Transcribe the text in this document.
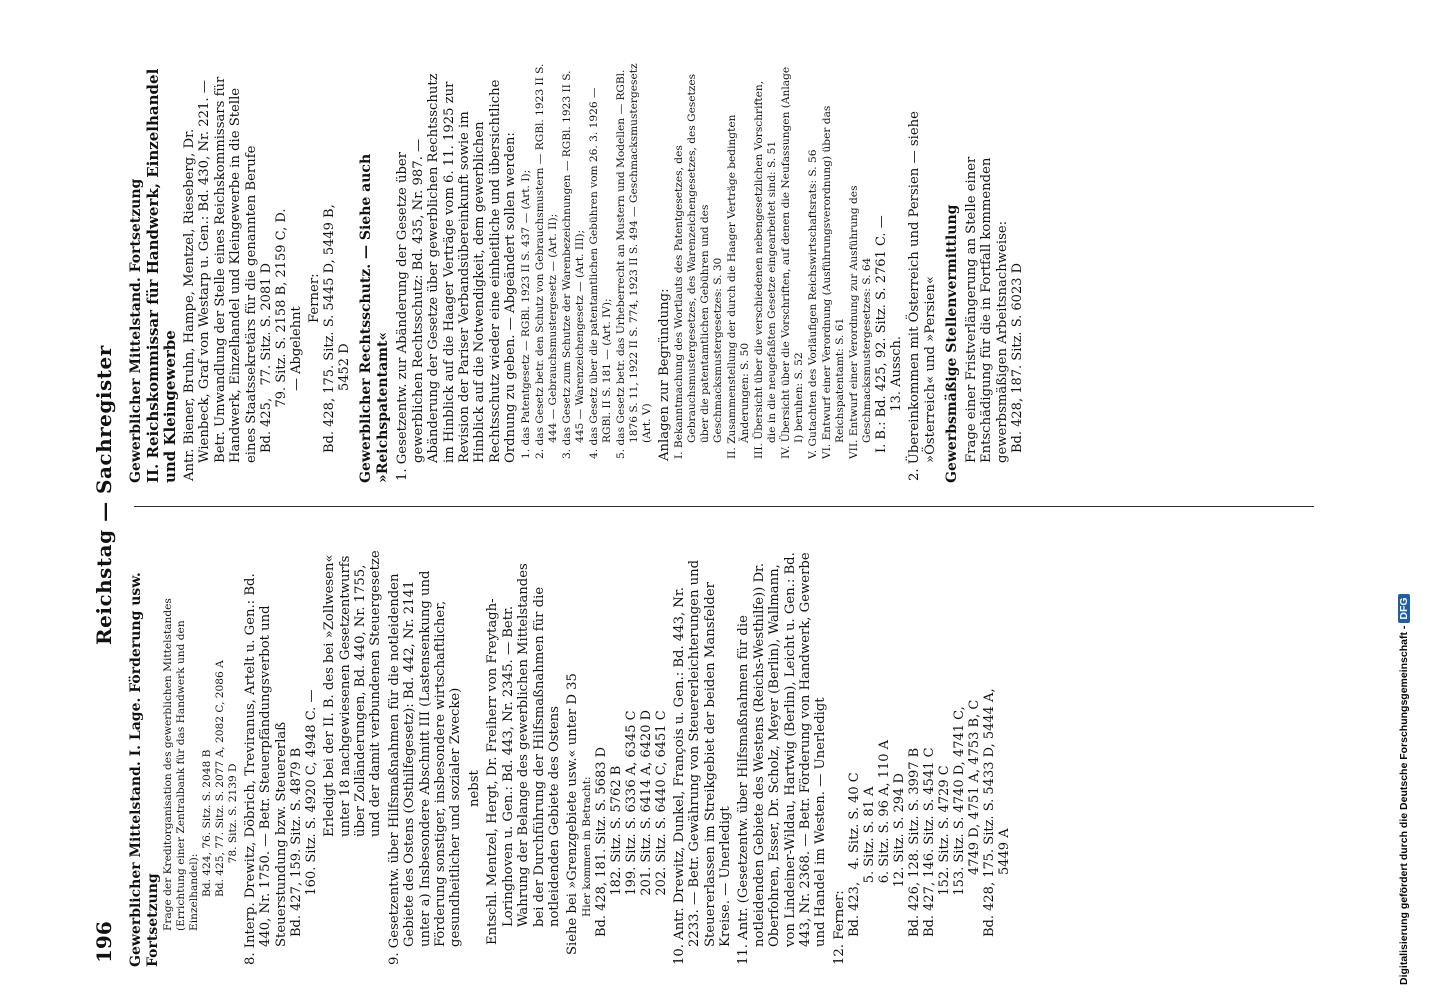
196
Reichstag — Sachregister
Gewerblicher Mittelstand. I. Lage. Förderung usw. Fortsetzung Frage der Kreditorganisation des gewerblichen Mittelstandes (Errichtung einer Zentralbank für das Handwerk und den Einzelhandel): Bd. 424, 76. Sitz. S. 2048 B
Bd. 425, 77. Sitz. S. 2077 A, 2082 C, 2086 A
78. Sitz. S. 2139 D 8. Interp. Drewitz, Döbrich, Treviranus, Artelt u. Gen.: Bd. 440, Nr. 1750. — Betr. Steuerpfändungsverbot und Steuerstundung bzw. Steuererlaß Bd. 427, 159. Sitz. S. 4879 B
160. Sitz. S. 4920 C, 4948 C. — Erledigt bei der II. B. des bei »Zollwesen« unter 18 nachgewiesenen Gesetzentwurfs über Zolländerungen, Bd. 440, Nr. 1755, und der damit verbundenen Steuergesetze 9. Gesetzentw. über Hilfsmaßnahmen für die notleidenden Gebiete des Ostens (Osthilfegesetz): Bd. 442, Nr. 2141 unter a) Insbesondere Abschnitt III (Lastensenkung und Förderung sonstiger, insbesondere wirtschaftlicher, gesundheitlicher und sozialer Zwecke) nebst Entschl. Mentzel, Hergt, Dr. Freiherr von Freytagh-Loringhoven u. Gen.: Bd. 443, Nr. 2345. — Betr. Wahrung der Belange des gewerblichen Mittelstandes bei der Durchführung der Hilfsmaßnahmen für die notleidenden Gebiete des Ostens Siehe bei »Grenzgebiete usw.« unter D 35 Hier kommen in Betracht:
Bd. 428, 181. Sitz. S. 5683 D
182. Sitz. S. 5762 B
199. Sitz. S. 6336 A, 6345 C
201. Sitz. S. 6414 A, 6420 D
202. Sitz. S. 6440 C, 6451 C 10. Antr. Drewitz, Dunkel, François u. Gen.: Bd. 443, Nr. 2233. — Betr. Gewährung von Steuererleichterungen und Steuererlassen im Streikgebiet der beiden Mansfelder Kreise. — Unerledigt 11. Antr. (Gesetzentw. über Hilfsmaßnahmen für die notleidenden Gebiete des Westens (Reichs-Westhilfe)) Dr. Oberfohren, Esser, Dr. Scholz, Meyer (Berlin), Wallmann, von Lindeiner-Wildau, Hartwig (Berlin), Leicht u. Gen.: Bd. 443, Nr. 2368. — Betr. Förderung von Handwerk, Gewerbe und Handel im Westen. — Unerledigt 12. Ferner: Bd. 423,   4. Sitz. S. 40 C
5. Sitz. S. 81 A
6. Sitz. S. 96 A, 110 A
12. Sitz. S. 294 D
Bd. 426, 128. Sitz. S. 3997 B
Bd. 427, 146. Sitz. S. 4541 C
152. Sitz. S. 4729 C
153. Sitz. S. 4740 D, 4741 C,
4749 D, 4751 A, 4753 B, C
Bd. 428, 175. Sitz. S. 5433 D, 5444 A,
5449 A
Gewerblicher Mittelstand. Fortsetzung II. Reichskommissar für Handwerk, Einzelhandel und Kleingewerbe Antr. Biener, Bruhn, Hampe, Mentzel, Rieseberg, Dr. Wienbeck, Graf von Westarp u. Gen.: Bd. 430, Nr. 221. — Betr. Umwandlung der Stelle eines Reichskommissars für Handwerk, Einzelhandel und Kleingewerbe in die Stelle eines Staatssekretärs für die genannten Berufe Bd. 425,   77. Sitz. S. 2081 D
79. Sitz. S. 2158 B, 2159 C, D.
— Abgelehnt
Ferner:
Bd. 428, 175. Sitz. S. 5445 D, 5449 B,
5452 D Gewerblicher Rechtsschutz. — Siehe auch »Reichspatentamt« 1. Gesetzentw. zur Abänderung der Gesetze über gewerblichen Rechtsschutz: Bd. 435, Nr. 987. — Abänderung der Gesetze über gewerblichen Rechtsschutz im Hinblick auf die Haager Verträge vom 6. 11. 1925 zur Revision der Pariser Verbandsübereinkunft sowie im Hinblick auf die Notwendigkeit, dem gewerblichen Rechtsschutz wieder eine einheitliche und übersichtliche Ordnung zu geben. — Abgeändert sollen werden: 1. das Patentgesetz — RGBl. 1923 II S. 437 — (Art. I); 2. das Gesetz betr. den Schutz von Gebrauchsmustern — RGBl. 1923 II S. 444 — Gebrauchsmustergesetz — (Art. II); 3. das Gesetz zum Schutze der Warenbezeichnungen — RGBl. 1923 II S. 445 — Warenzeichengesetz — (Art. III); 4. das Gesetz über die patentamtlichen Gebühren vom 26. 3. 1926 — RGBl. II S. 181 — (Art. IV); 5. das Gesetz betr. das Urheberrecht an Mustern und Modellen — RGBl. 1876 S. 11, 1922 II S. 774, 1923 II S. 494 — Geschmacksmustergesetz (Art. V) Anlagen zur Begründung: I. Bekanntmachung des Wortlauts des Patentgesetzes, des Gebrauchsmustergesetzes, des Warenzeichengesetzes, des Gesetzes über die patentamtlichen Gebühren und des Geschmacksmustergesetzes: S. 30 II. Zusammenstellung der durch die Haager Verträge bedingten Änderungen: S. 50 III. Übersicht über die verschiedenen nebengesetzlichen Vorschriften, die in die neugefaßten Gesetze eingearbeitet sind: S. 51 IV. Übersicht über die Vorschriften, auf denen die Neufassungen (Anlage I) beruhen: S. 52 V. Gutachten des Vorläufigen Reichswirtschaftsrats: S. 56 VI. Entwurf einer Verordnung (Ausführungsverordnung) über das Reichspatentamt: S. 61 VII. Entwurf einer Verordnung zur Ausführung des Geschmacksmustergesetzes: S. 64
I. B.: Bd. 425, 92. Sitz. S. 2761 C. —
13. Aussch. 2. Übereinkommen mit Österreich und Persien — siehe »Österreich« und »Persien« Gewerbsmäßige Stellenvermittlung Frage einer Fristverlängerung an Stelle einer Entschädigung für die in Fortfall kommenden gewerbsmäßigen Arbeitsnachweise: Bd. 428, 187. Sitz. S. 6023 D
Digitalisierung gefördert durch die Deutsche Forschungsgemeinschaft -DFG
